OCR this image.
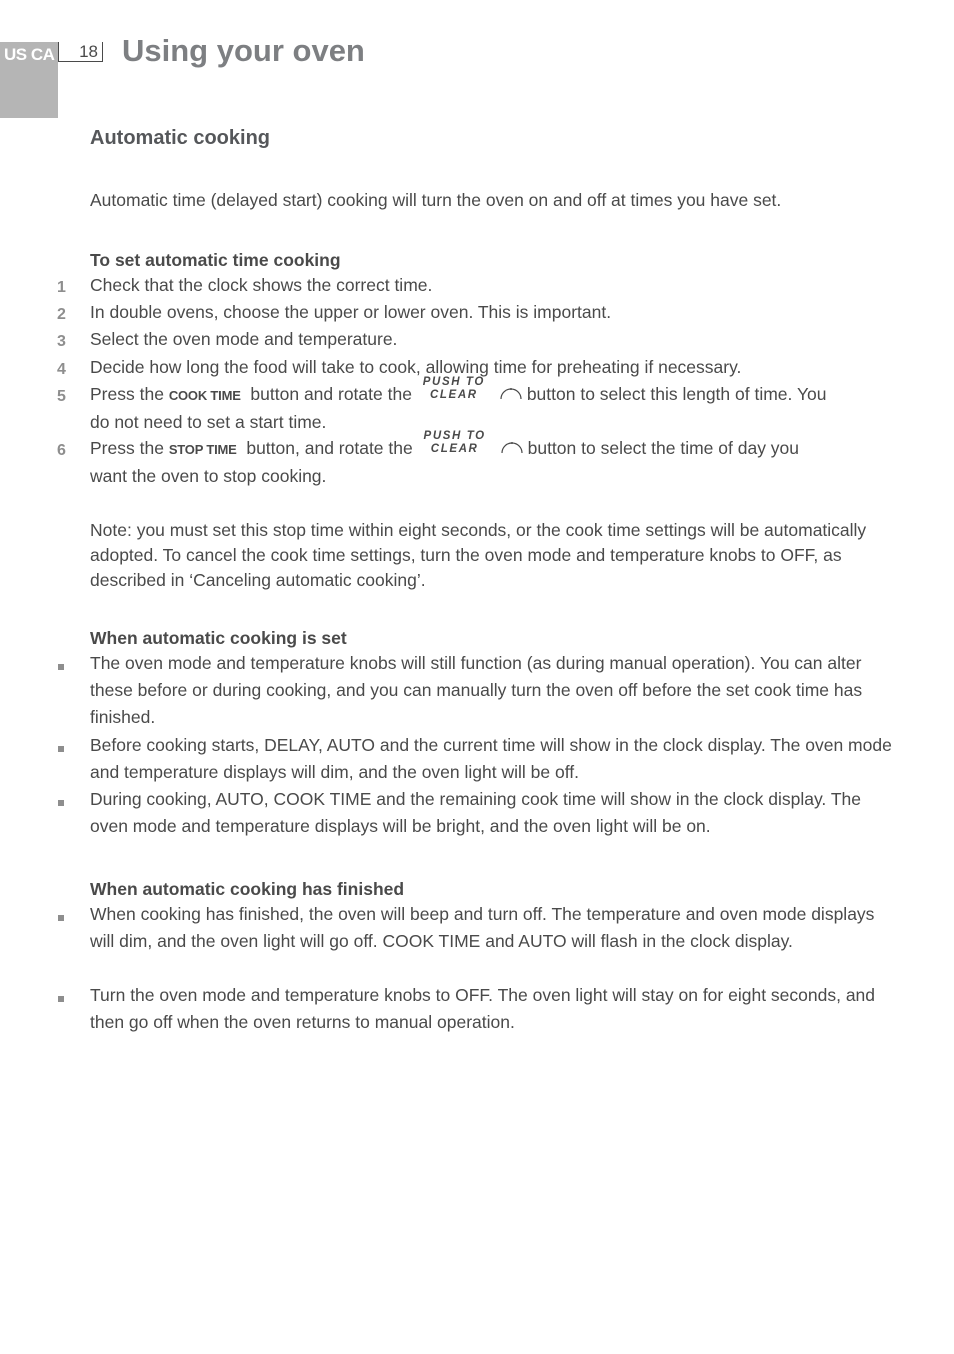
US CA	18 Using your oven
Automatic cooking

Automatic time (delayed start) cooking will turn the oven on and off at times you have set.

To set automatic time cooking
1 Check that the clock shows the correct time.
2 In double ovens, choose the upper or lower oven. This is important.
3 Select the oven mode and temperature.
4 Decide how long the food will take to cook, allowing time for preheating if necessary.
5 Press the COOK TIME button and rotate the
PUSH TO
CLEAR	button to select this length of time. You
do not need to set a start time.
6 Press the STOP TIME button, and rotate the
PUSH TO
CLEAR	button to select the time of day you
want the oven to stop cooking.

Note: you must set this stop time within eight seconds, or the cook time settings will be automatically adopted. To cancel the cook time settings, turn the oven mode and temperature knobs to OFF, as described in ‘Canceling automatic cooking’.

When automatic cooking is set
The oven mode and temperature knobs will still function (as during manual operation). You can alter these before or during cooking, and you can manually turn the oven off before the set cook time has finished.
Before cooking starts, DELAY, AUTO and the current time will show in the clock display. The oven mode and temperature displays will dim, and the oven light will be off.
During cooking, AUTO, COOK TIME and the remaining cook time will show in the clock display. The oven mode and temperature displays will be bright, and the oven light will be on.
When automatic cooking has finished
When cooking has finished, the oven will beep and turn off. The temperature and oven mode displays will dim, and the oven light will go off. COOK TIME and AUTO will flash in the clock display.
Turn the oven mode and temperature knobs to OFF. The oven light will stay on for eight seconds, and then go off when the oven returns to manual operation.
